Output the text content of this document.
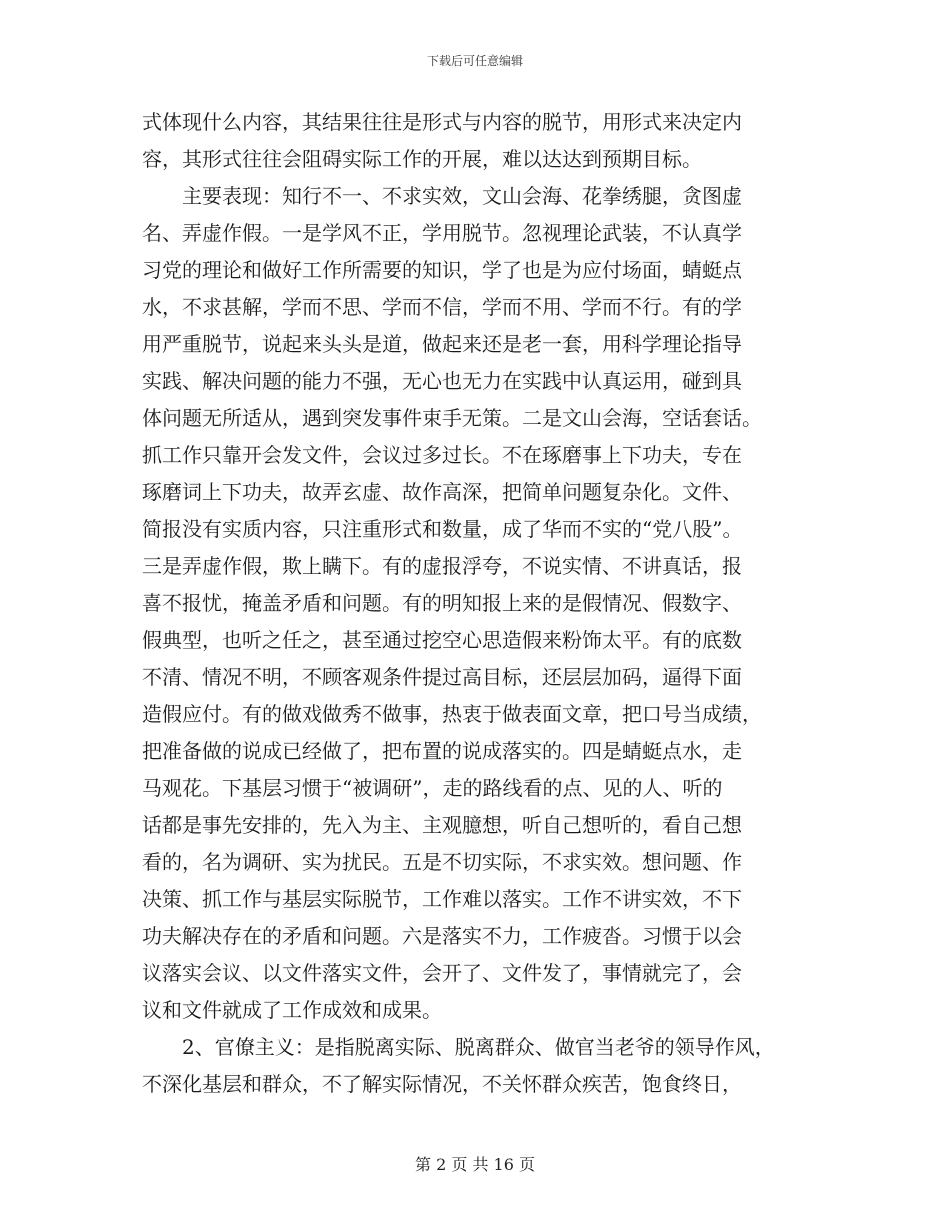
下载后可任意编辑
式体现什么内容，其结果往往是形式与内容的脱节，用形式来决定内
容，其形式往往会阻碍实际工作的开展，难以达达到预期目标。
　　主要表现：知行不一、不求实效，文山会海、花拳绣腿，贪图虚
名、弄虚作假。一是学风不正，学用脱节。忽视理论武装，不认真学
习党的理论和做好工作所需要的知识，学了也是为应付场面，蜻蜓点
水，不求甚解，学而不思、学而不信，学而不用、学而不行。有的学
用严重脱节，说起来头头是道，做起来还是老一套，用科学理论指导
实践、解决问题的能力不强，无心也无力在实践中认真运用，碰到具
体问题无所适从，遇到突发事件束手无策。二是文山会海，空话套话。
抓工作只靠开会发文件，会议过多过长。不在琢磨事上下功夫，专在
琢磨词上下功夫，故弄玄虚、故作高深，把简单问题复杂化。文件、
简报没有实质内容，只注重形式和数量，成了华而不实的“党八股”。
三是弄虚作假，欺上瞒下。有的虚报浮夸，不说实情、不讲真话，报
喜不报忧，掩盖矛盾和问题。有的明知报上来的是假情况、假数字、
假典型，也听之任之，甚至通过挖空心思造假来粉饰太平。有的底数
不清、情况不明，不顾客观条件提过高目标，还层层加码，逼得下面
造假应付。有的做戏做秀不做事，热衷于做表面文章，把口号当成绩，
把准备做的说成已经做了，把布置的说成落实的。四是蜻蜓点水，走
马观花。下基层习惯于“被调研”，走的路线看的点、见的人、听的
话都是事先安排的，先入为主、主观臆想，听自己想听的，看自己想
看的，名为调研、实为扰民。五是不切实际，不求实效。想问题、作
决策、抓工作与基层实际脱节，工作难以落实。工作不讲实效，不下
功夫解决存在的矛盾和问题。六是落实不力，工作疲沓。习惯于以会
议落实会议、以文件落实文件，会开了、文件发了，事情就完了，会
议和文件就成了工作成效和成果。
　　2、官僚主义：是指脱离实际、脱离群众、做官当老爷的领导作风，
不深化基层和群众，不了解实际情况，不关怀群众疾苦，饱食终日，
第 2 页 共 16 页
